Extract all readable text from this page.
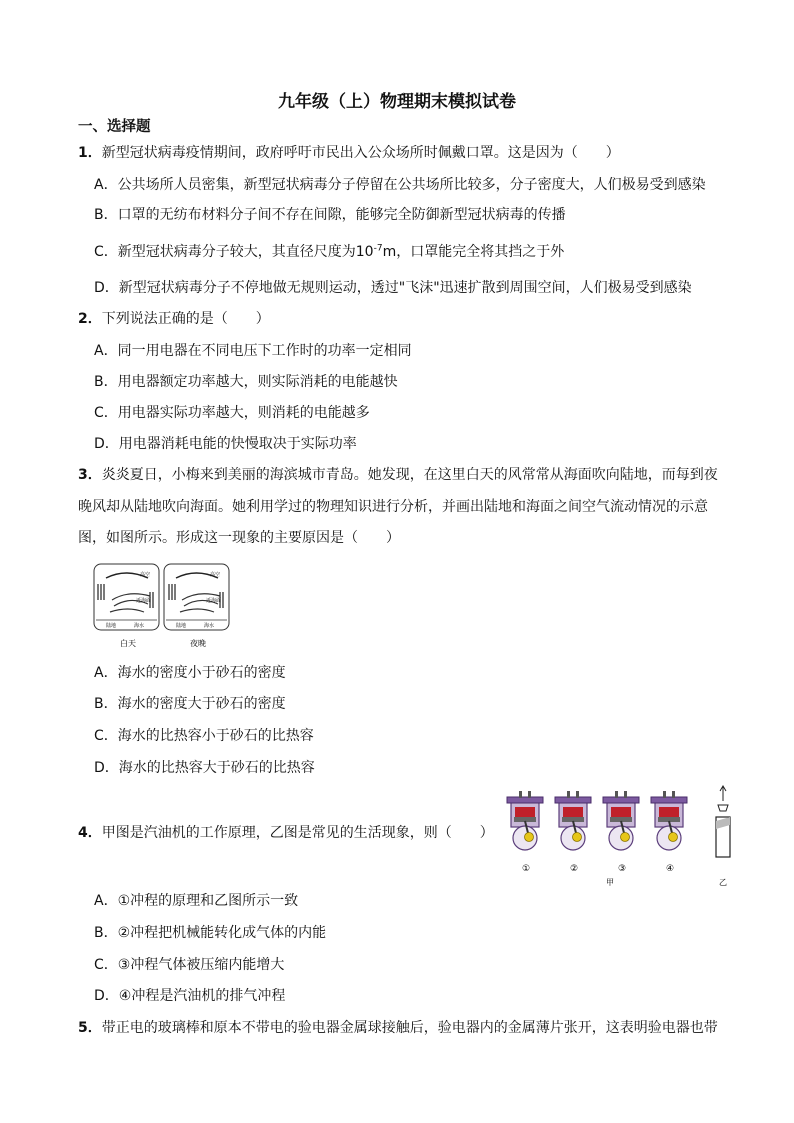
九年级（上）物理期末模拟试卷
一、选择题
1．新型冠状病毒疫情期间，政府呼吁市民出入公众场所时佩戴口罩。这是因为（　　）
A．公共场所人员密集，新型冠状病毒分子停留在公共场所比较多，分子密度大，人们极易受到感染
B．口罩的无纺布材料分子间不存在间隙，能够完全防御新型冠状病毒的传播
C．新型冠状病毒分子较大，其直径尺度为$10^{-7}m$，口罩能完全将其挡之于外
D．新型冠状病毒分子不停地做无规则运动，透过"飞沫"迅速扩散到周围空间，人们极易受到感染
2．下列说法正确的是（　　）
A．同一用电器在不同电压下工作时的功率一定相同
B．用电器额定功率越大，则实际消耗的电能越快
C．用电器实际功率越大，则消耗的电能越多
D．用电器消耗电能的快慢取决于实际功率
3．炎炎夏日，小梅来到美丽的海滨城市青岛。她发现，在这里白天的风常常从海面吹向陆地，而每到夜
晚风却从陆地吹向海面。她利用学过的物理知识进行分析，并画出陆地和海面之间空气流动情况的示意
图，如图所示。形成这一现象的主要原因是（　　）
高空	高空
近海面	近海面
陆地	海水	陆地	海水
白天	夜晚
A．海水的密度小于砂石的密度
B．海水的密度大于砂石的密度
C．海水的比热容小于砂石的比热容
D．海水的比热容大于砂石的比热容
4．甲图是汽油机的工作原理，乙图是常见的生活现象，则（　　）
①	②	③	④
甲	乙
A．①冲程的原理和乙图所示一致
B．②冲程把机械能转化成气体的内能
C．③冲程气体被压缩内能增大
D．④冲程是汽油机的排气冲程
5．带正电的玻璃棒和原本不带电的验电器金属球接触后，验电器内的金属薄片张开，这表明验电器也带
